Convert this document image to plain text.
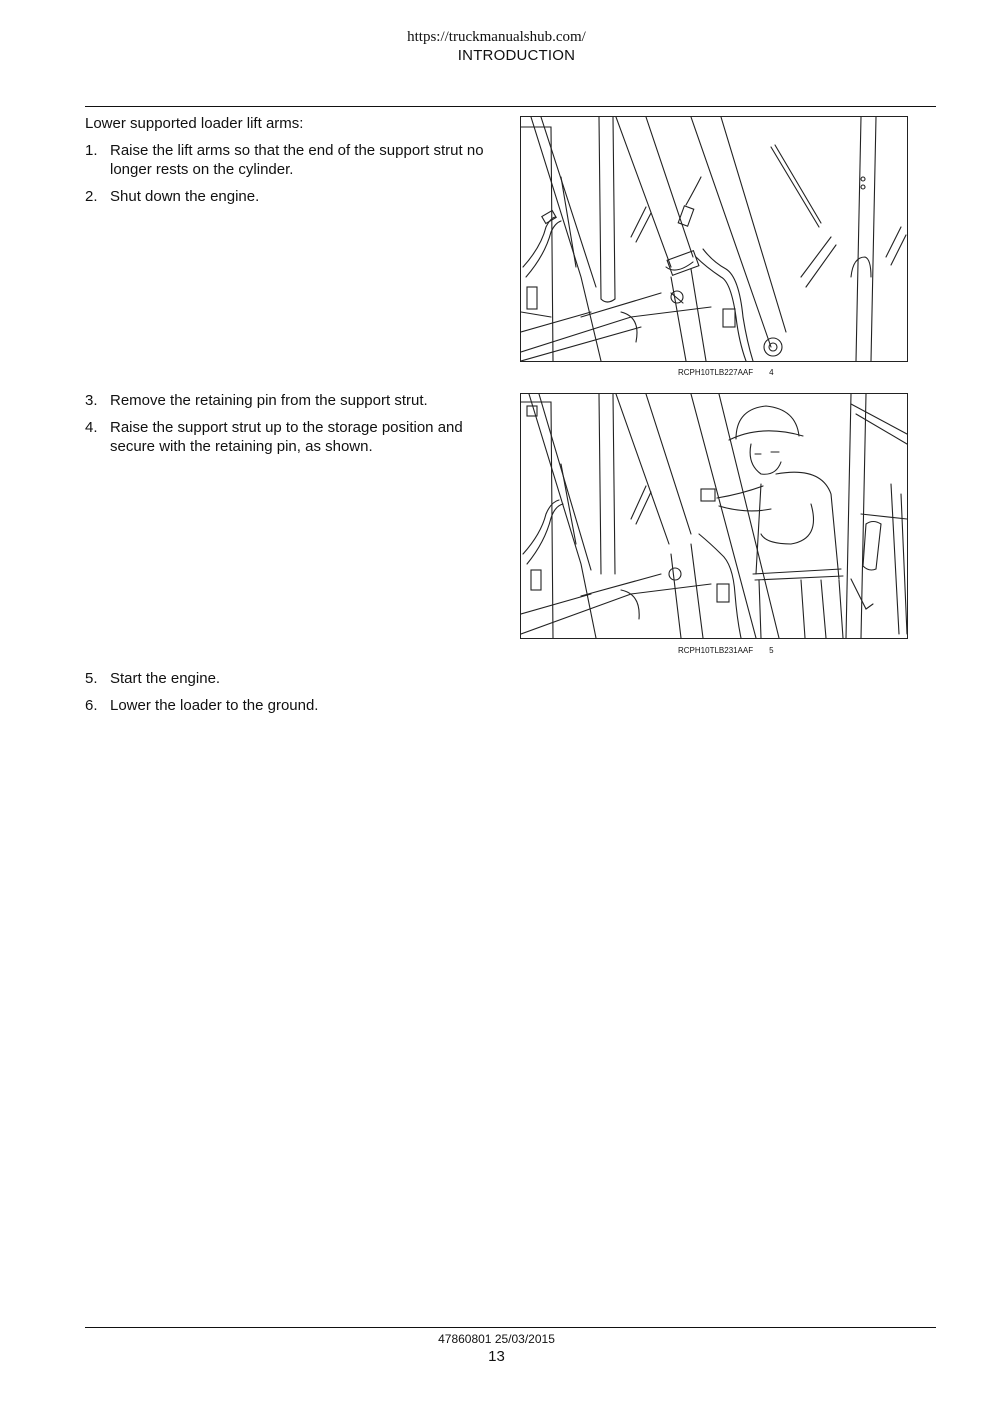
https://truckmanualshub.com/
INTRODUCTION
Lower supported loader lift arms:
1. Raise the lift arms so that the end of the support strut no longer rests on the cylinder.
2. Shut down the engine.
RCPH10TLB227AAF 4
3. Remove the retaining pin from the support strut.
4. Raise the support strut up to the storage position and secure with the retaining pin, as shown.
RCPH10TLB231AAF 5
5. Start the engine.
6. Lower the loader to the ground.
47860801 25/03/2015
13
